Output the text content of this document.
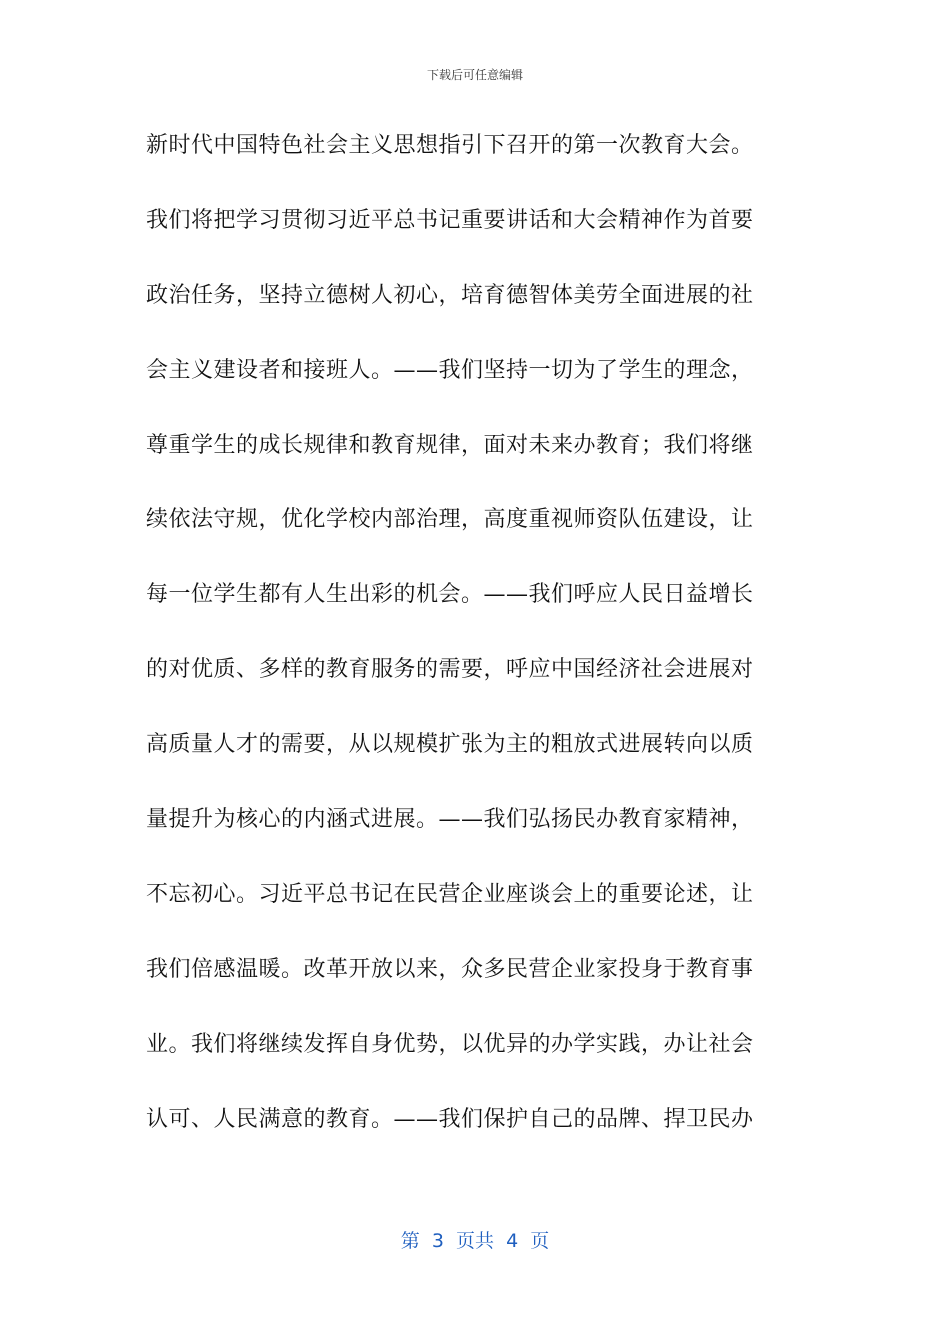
下载后可任意编辑
新时代中国特色社会主义思想指引下召开的第一次教育大会。
我们将把学习贯彻习近平总书记重要讲话和大会精神作为首要
政治任务，坚持立德树人初心，培育德智体美劳全面进展的社
会主义建设者和接班人。——我们坚持一切为了学生的理念，
尊重学生的成长规律和教育规律，面对未来办教育；我们将继
续依法守规，优化学校内部治理，高度重视师资队伍建设，让
每一位学生都有人生出彩的机会。——我们呼应人民日益增长
的对优质、多样的教育服务的需要，呼应中国经济社会进展对
高质量人才的需要，从以规模扩张为主的粗放式进展转向以质
量提升为核心的内涵式进展。——我们弘扬民办教育家精神，
不忘初心。习近平总书记在民营企业座谈会上的重要论述，让
我们倍感温暖。改革开放以来，众多民营企业家投身于教育事
业。我们将继续发挥自身优势，以优异的办学实践，办让社会
认可、人民满意的教育。——我们保护自己的品牌、捍卫民办
第  3  页共  4  页
